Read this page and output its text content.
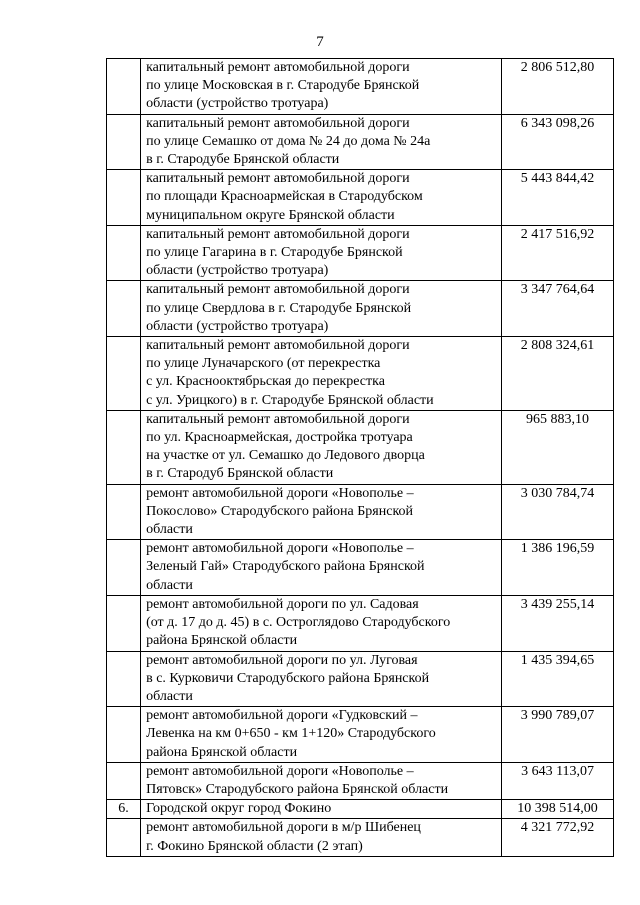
7

	капитальный ремонт автомобильной дороги
по улице Московская в г. Стародубе Брянской
области (устройство тротуара)	2 806 512,80

	капитальный ремонт автомобильной дороги
по улице Семашко от дома № 24 до дома № 24а
в г. Стародубе Брянской области	6 343 098,26

	капитальный ремонт автомобильной дороги
по площади Красноармейская в Стародубском
муниципальном округе Брянской области	5 443 844,42

	капитальный ремонт автомобильной дороги
по улице Гагарина в г. Стародубе Брянской
области (устройство тротуара)	2 417 516,92

	капитальный ремонт автомобильной дороги
по улице Свердлова в г. Стародубе Брянской
области (устройство тротуара)	3 347 764,64

	капитальный ремонт автомобильной дороги
по улице Луначарского (от перекрестка
с ул. Краснооктябрьская до перекрестка
с ул. Урицкого) в г. Стародубе Брянской области	2 808 324,61

	капитальный ремонт автомобильной дороги
по ул. Красноармейская, достройка тротуара
на участке от ул. Семашко до Ледового дворца
в г. Стародуб Брянской области	965 883,10

	ремонт автомобильной дороги «Новополье –
Покослово» Стародубского района Брянской
области	3 030 784,74

	ремонт автомобильной дороги «Новополье –
Зеленый Гай» Стародубского района Брянской
области	1 386 196,59

	ремонт автомобильной дороги по ул. Садовая
(от д. 17 до д. 45) в с. Остроглядово Стародубского
района Брянской области	3 439 255,14

	ремонт автомобильной дороги по ул. Луговая
в с. Курковичи Стародубского района Брянской
области	1 435 394,65

	ремонт автомобильной дороги «Гудковский –
Левенка на км 0+650 - км 1+120» Стародубского
района Брянской области	3 990 789,07

	ремонт автомобильной дороги «Новополье –
Пятовск» Стародубского района Брянской области	3 643 113,07

6.	Городской округ город Фокино	10 398 514,00

	ремонт автомобильной дороги в м/р Шибенец
г. Фокино Брянской области (2 этап)	4 321 772,92
